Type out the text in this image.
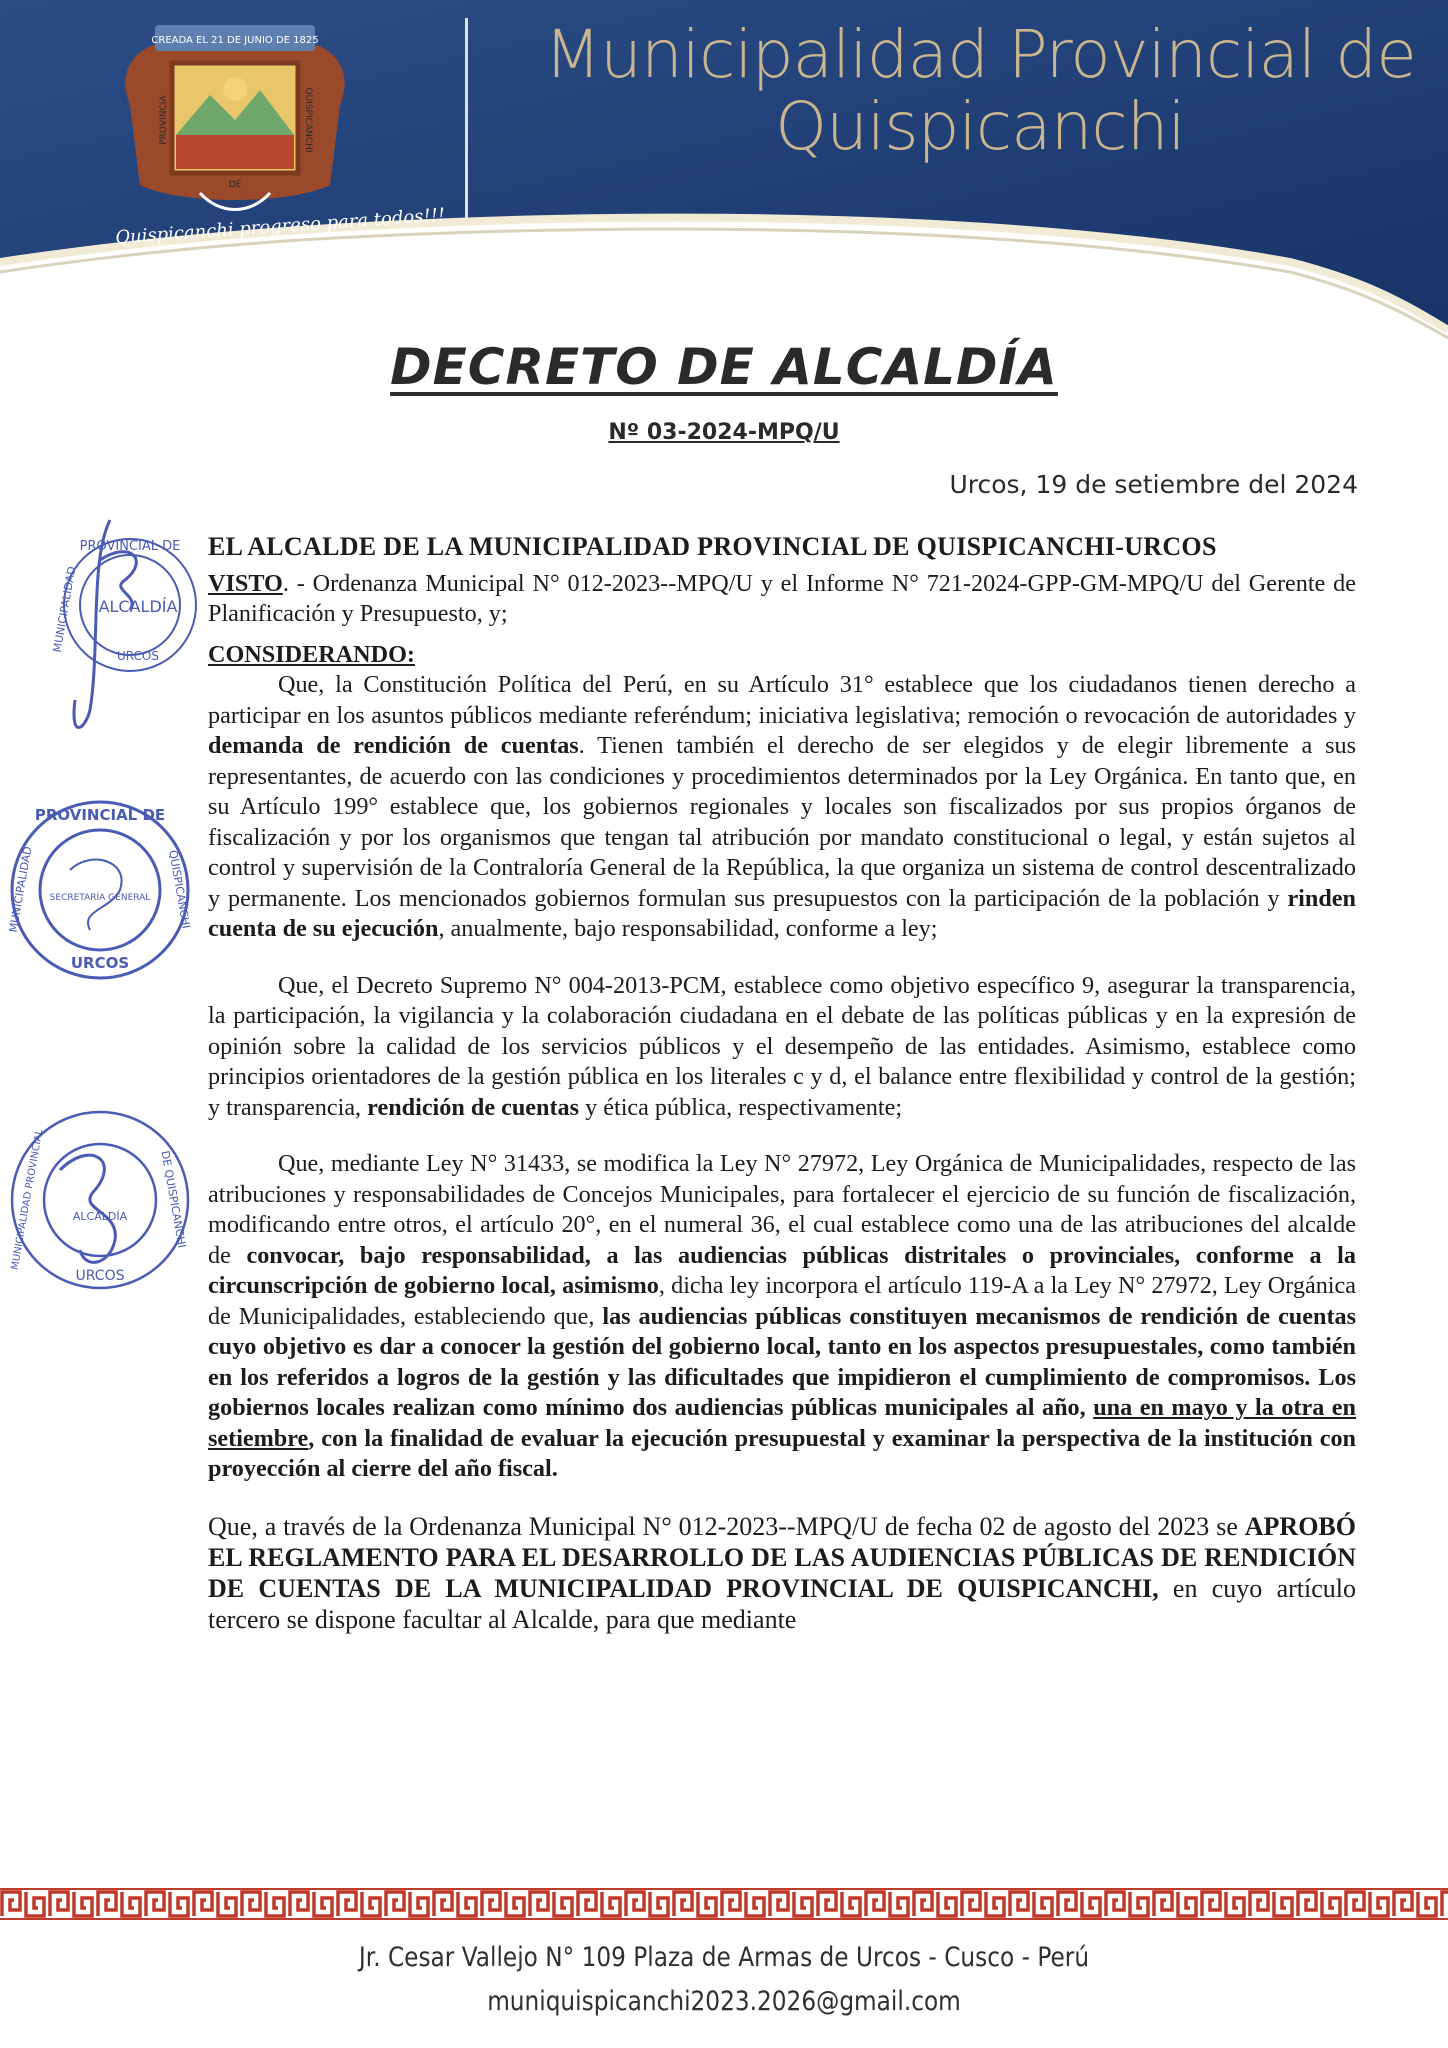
CREADA EL 21 DE JUNIO DE 1825
PROVINCIA
DE
QUISPICANCHI
Quispicanchi progreso para todos!!!
Municipalidad Provincial de
Quispicanchi
DECRETO DE ALCALDÍA
Nº 03-2024-MPQ/U
Urcos, 19 de setiembre del 2024
PROVINCIAL DE
MUNICIPALIDAD ALCALDÍA
URCOS
PROVINCIAL DE
MUNICIPALIDAD	QUISPICANCHI
SECRETARÍA GENERAL
URCOS
MUNICIPALIDAD PROVINCIAL	DE QUISPICANCHI
ALCALDÍA
URCOS

EL ALCALDE DE LA MUNICIPALIDAD PROVINCIAL DE QUISPICANCHI-URCOS

VISTO. - Ordenanza Municipal N° 012-2023--MPQ/U y el Informe N° 721-2024-GPP-GM-MPQ/U del Gerente de Planificación y Presupuesto, y;

CONSIDERANDO:

Que, la Constitución Política del Perú, en su Artículo 31° establece que los ciudadanos tienen derecho a participar en los asuntos públicos mediante referéndum; iniciativa legislativa; remoción o revocación de autoridades y demanda de rendición de cuentas. Tienen también el derecho de ser elegidos y de elegir libremente a sus representantes, de acuerdo con las condiciones y procedimientos determinados por la Ley Orgánica. En tanto que, en su Artículo 199° establece que, los gobiernos regionales y locales son fiscalizados por sus propios órganos de fiscalización y por los organismos que tengan tal atribución por mandato constitucional o legal, y están sujetos al control y supervisión de la Contraloría General de la República, la que organiza un sistema de control descentralizado y permanente. Los mencionados gobiernos formulan sus presupuestos con la participación de la población y rinden cuenta de su ejecución, anualmente, bajo responsabilidad, conforme a ley;

Que, el Decreto Supremo N° 004-2013-PCM, establece como objetivo específico 9, asegurar la transparencia, la participación, la vigilancia y la colaboración ciudadana en el debate de las políticas públicas y en la expresión de opinión sobre la calidad de los servicios públicos y el desempeño de las entidades. Asimismo, establece como principios orientadores de la gestión pública en los literales c y d, el balance entre flexibilidad y control de la gestión; y transparencia, rendición de cuentas y ética pública, respectivamente;

Que, mediante Ley N° 31433, se modifica la Ley N° 27972, Ley Orgánica de Municipalidades, respecto de las atribuciones y responsabilidades de Concejos Municipales, para fortalecer el ejercicio de su función de fiscalización, modificando entre otros, el artículo 20°, en el numeral 36, el cual establece como una de las atribuciones del alcalde de convocar, bajo responsabilidad, a las audiencias públicas distritales o provinciales, conforme a la circunscripción de gobierno local, asimismo, dicha ley incorpora el artículo 119-A a la Ley N° 27972, Ley Orgánica de Municipalidades, estableciendo que, las audiencias públicas constituyen mecanismos de rendición de cuentas cuyo objetivo es dar a conocer la gestión del gobierno local, tanto en los aspectos presupuestales, como también en los referidos a logros de la gestión y las dificultades que impidieron el cumplimiento de compromisos. Los gobiernos locales realizan como mínimo dos audiencias públicas municipales al año, una en mayo y la otra en setiembre, con la finalidad de evaluar la ejecución presupuestal y examinar la perspectiva de la institución con proyección al cierre del año fiscal.

Que, a través de la Ordenanza Municipal N° 012-2023--MPQ/U de fecha 02 de agosto del 2023 se APROBÓ EL REGLAMENTO PARA EL DESARROLLO DE LAS AUDIENCIAS PÚBLICAS DE RENDICIÓN DE CUENTAS DE LA MUNICIPALIDAD PROVINCIAL DE QUISPICANCHI, en cuyo artículo tercero se dispone facultar al Alcalde, para que mediante

Jr. Cesar Vallejo N° 109 Plaza de Armas de Urcos - Cusco - Perú
muniquispicanchi2023.2026@gmail.com
